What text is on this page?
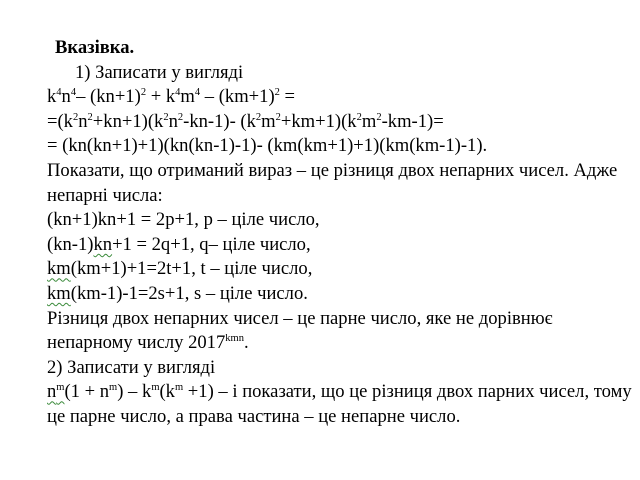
Вказівка.
1) Записати у вигляді
$k^4n^4-$ $(kn+1)^2 + k^4m^4 - (km+1)^2$ =
$=(k^2n^2+kn+1)(k^2n^2-kn-1)-$ $(k^2m^2+km+1)(k^2m^2-km-1)=$
= (kn(kn+1)+1)(kn(kn-1)-1)- (km(km+1)+1)(km(km-1)-1).
Показати, що отриманий вираз – це різниця двох непарних чисел. Адже непарні числа:
(kn+1)kn+1 = 2p+1, p – ціле число,
(kn-1)kn+1 = 2q+1, q– ціле число,
km(km+1)+1=2t+1, t – ціле число,
km(km-1)-1=2s+1, s – ціле число.
Різниця двох непарних чисел – це парне число, яке не дорівнює непарному числу $2017^{kmn}$.
2) Записати у вигляді
$n^m(1 + n^m) - k^m(k^m +1) - і$ показати, що це різниця двох парних чисел, тому це парне число, а права частина – це непарне число.
